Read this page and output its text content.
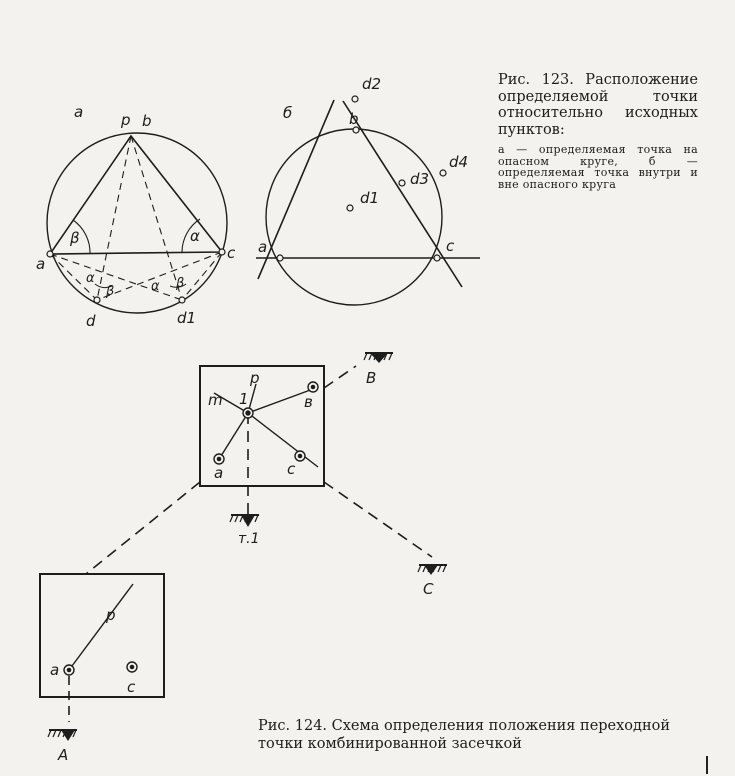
а	p b
a
c
d	d1
β	α
α
β	α β
б	b
a	c
d1
d2
d3
d4
p
m 1	в
а	с
В
т.1
С
p
а
с
А
Рис. 123. Расположение определяемой точки относительно исходных пунктов:
а — определяемая точка на опасном круге, б — определяемая точка внутри и вне опасного круга
Рис. 124. Схема определения положения переходной точки комбинированной засечкой
